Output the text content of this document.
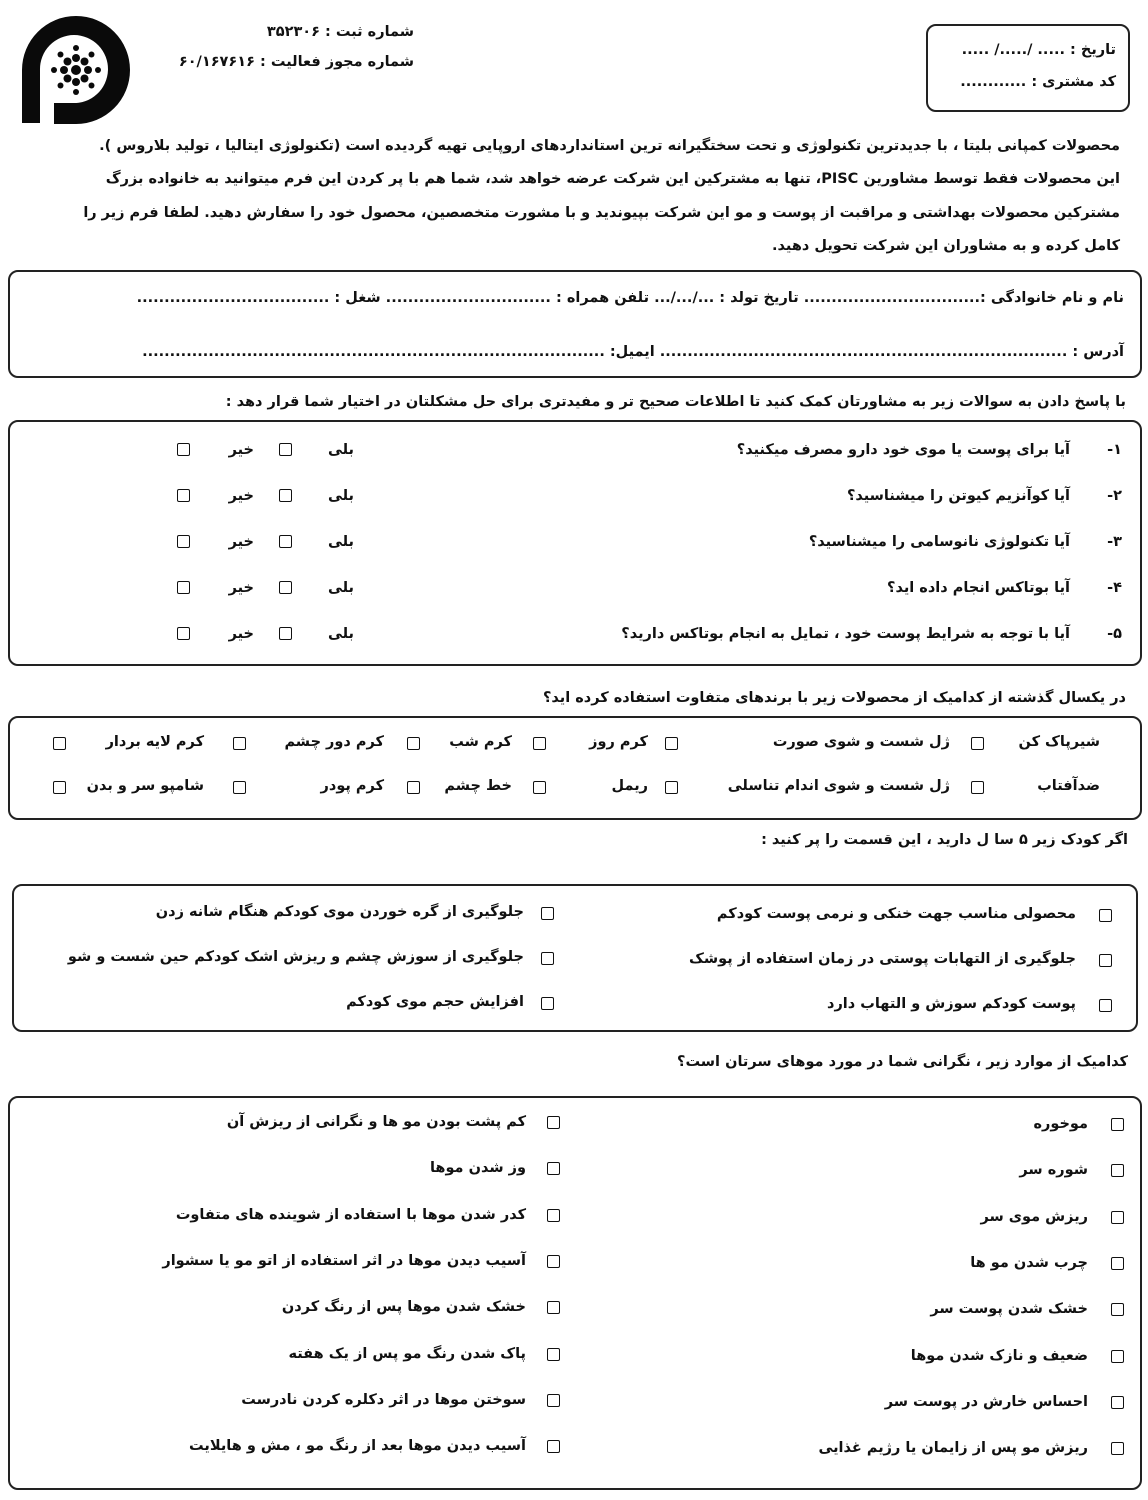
شماره ثبت : ۳۵۲۳۰۶
شماره مجوز فعالیت : ۶۰/۱۶۷۶۱۶
تاریخ : ..... /...../ .....
کد مشتری : ............
محصولات کمپانی بلیتا ، با جدیدترین تکنولوژی و تحت سختگیرانه ترین استانداردهای اروپایی تهیه گردیده است (تکنولوژی ایتالیا ، تولید بلاروس ).
این محصولات فقط توسط مشاورین PISC، تنها به مشترکین این شرکت عرضه خواهد شد، شما هم با پر کردن این فرم میتوانید به خانواده بزرگ
مشترکین محصولات بهداشتی و مراقبت از پوست و مو این شرکت بپیوندید و با مشورت متخصصین، محصول خود را سفارش دهید. لطفا فرم زیر را
کامل کرده و به مشاوران این شرکت تحویل دهید.
نام و نام خانوادگی :................................ تاریخ تولد : .../.../... تلفن همراه : .............................. شغل : ...................................
آدرس : .......................................................................... ایمیل: ....................................................................................
با پاسخ دادن به سوالات زیر به مشاورتان کمک کنید تا اطلاعات صحیح تر و مفیدتری برای حل مشکلتان در اختیار شما قرار دهد :
۱-
آیا برای پوست یا موی خود دارو مصرف میکنید؟
بلی
خیر
۲-
آیا کوآنزیم کیوتن را میشناسید؟
بلی
خیر
۳-
آیا تکنولوژی نانوسامی را میشناسید؟
بلی
خیر
۴-
آیا بوتاکس انجام داده اید؟
بلی
خیر
۵-
آیا با توجه به شرایط پوست خود ، تمایل به انجام بوتاکس دارید؟
بلی
خیر
در یکسال گذشته از کدامیک از محصولات زیر با برندهای متفاوت استفاده کرده اید؟
شیرپاک کن
ژل شست و شوی صورت
کرم روز
کرم شب
کرم دور چشم
کرم لایه بردار
ضدآفتاب
ژل شست و شوی اندام تناسلی
ریمل
خط چشم
کرم پودر
شامپو سر و بدن
اگر کودک زیر ۵ سا ل دارید ، این قسمت را پر کنید :
محصولی مناسب جهت خنکی و نرمی پوست کودکم
جلوگیری از التهابات پوستی در زمان استفاده از پوشک
پوست کودکم سوزش و التهاب دارد
جلوگیری از گره خوردن موی کودکم هنگام شانه زدن
جلوگیری از سوزش چشم و ریزش اشک کودکم حین شست و شو
افزایش حجم موی کودکم
کدامیک از موارد زیر ، نگرانی شما در مورد موهای سرتان است؟
موخوره
شوره سر
ریزش موی سر
چرب شدن مو ها
خشک شدن پوست سر
ضعیف و نازک شدن موها
احساس خارش در پوست سر
ریزش مو پس از زایمان یا رژیم غذایی
کم پشت بودن مو ها و نگرانی از ریزش آن
وز شدن موها
کدر شدن موها با استفاده از شوینده های متفاوت
آسیب دیدن موها در اثر استفاده از اتو مو یا سشوار
خشک شدن موها پس از رنگ کردن
پاک شدن رنگ مو پس از یک هفته
سوختن موها در اثر دکلره کردن نادرست
آسیب دیدن موها بعد از رنگ مو ، مش و هایلایت
